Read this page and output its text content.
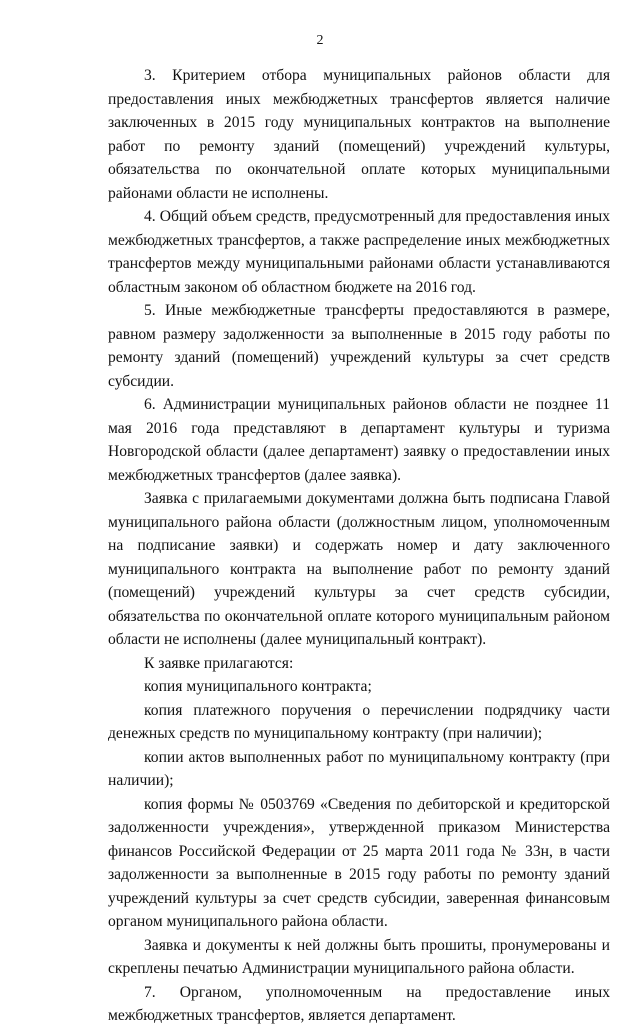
2

3. Критерием отбора муниципальных районов области для предоставления иных межбюджетных трансфертов является наличие заключенных в 2015 году муниципальных контрактов на выполнение работ по ремонту зданий (помещений) учреждений культуры, обязательства по окончательной оплате которых муниципальными районами области не исполнены.

4. Общий объем средств, предусмотренный для предоставления иных межбюджетных трансфертов, а также распределение иных межбюджетных трансфертов между муниципальными районами области устанавливаются областным законом об областном бюджете на 2016 год.

5. Иные межбюджетные трансферты предоставляются в размере, равном размеру задолженности за выполненные в 2015 году работы по ремонту зданий (помещений) учреждений культуры за счет средств субсидии.

6. Администрации муниципальных районов области не позднее 11 мая 2016 года представляют в департамент культуры и туризма Новгородской области (далее департамент) заявку о предоставлении иных межбюджетных трансфертов (далее заявка).

Заявка с прилагаемыми документами должна быть подписана Главой муниципального района области (должностным лицом, уполномоченным на подписание заявки) и содержать номер и дату заключенного муниципального контракта на выполнение работ по ремонту зданий (помещений) учреждений культуры за счет средств субсидии, обязательства по окончательной оплате которого муниципальным районом области не исполнены (далее муниципальный контракт).

К заявке прилагаются:

копия муниципального контракта;

копия платежного поручения о перечислении подрядчику части денежных средств по муниципальному контракту (при наличии);

копии актов выполненных работ по муниципальному контракту (при наличии);

копия формы № 0503769 «Сведения по дебиторской и кредиторской задолженности учреждения», утвержденной приказом Министерства финансов Российской Федерации от 25 марта 2011 года № 33н, в части задолженности за выполненные в 2015 году работы по ремонту зданий учреждений культуры за счет средств субсидии, заверенная финансовым органом муниципального района области.

Заявка и документы к ней должны быть прошиты, пронумерованы и скреплены печатью Администрации муниципального района области.

7. Органом, уполномоченным на предоставление иных межбюджетных трансфертов, является департамент.
